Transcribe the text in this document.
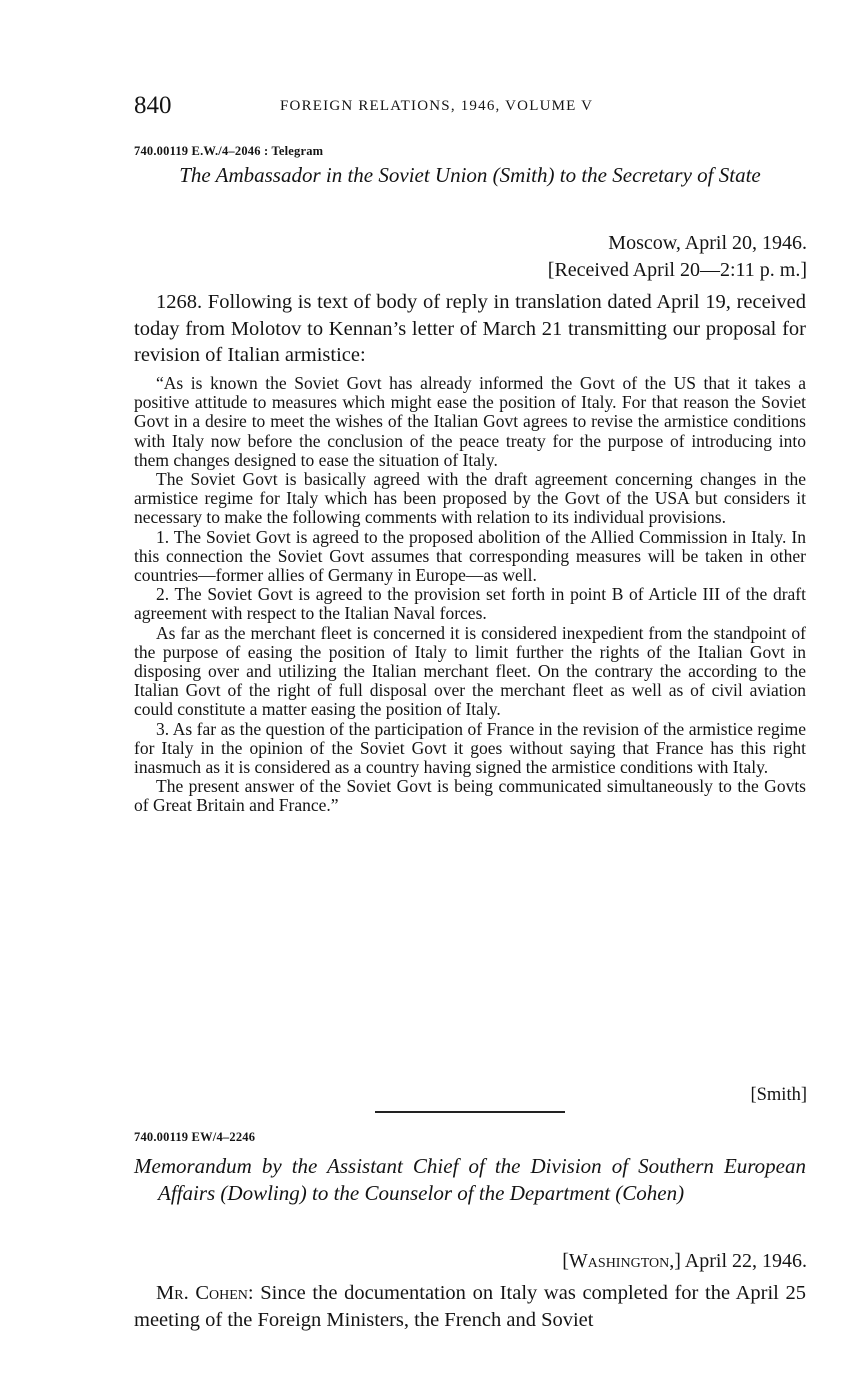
840	FOREIGN RELATIONS, 1946, VOLUME V
740.00119 E.W./4–2046 : Telegram
The Ambassador in the Soviet Union (Smith) to the Secretary of State
Moscow, April 20, 1946.
[Received April 20—2:11 p. m.]
1268. Following is text of body of reply in translation dated April 19, received today from Molotov to Kennan’s letter of March 21 transmitting our proposal for revision of Italian armistice:

“As is known the Soviet Govt has already informed the Govt of the US that it takes a positive attitude to measures which might ease the position of Italy. For that reason the Soviet Govt in a desire to meet the wishes of the Italian Govt agrees to revise the armistice conditions with Italy now before the conclusion of the peace treaty for the purpose of introducing into them changes designed to ease the situation of Italy.

The Soviet Govt is basically agreed with the draft agreement concerning changes in the armistice regime for Italy which has been proposed by the Govt of the USA but considers it necessary to make the following comments with relation to its individual provisions.

1. The Soviet Govt is agreed to the proposed abolition of the Allied Commission in Italy. In this connection the Soviet Govt assumes that corresponding measures will be taken in other countries—former allies of Germany in Europe—as well.

2. The Soviet Govt is agreed to the provision set forth in point B of Article III of the draft agreement with respect to the Italian Naval forces.

As far as the merchant fleet is concerned it is considered inexpedient from the standpoint of the purpose of easing the position of Italy to limit further the rights of the Italian Govt in disposing over and utilizing the Italian merchant fleet. On the contrary the according to the Italian Govt of the right of full disposal over the merchant fleet as well as of civil aviation could constitute a matter easing the position of Italy.

3. As far as the question of the participation of France in the revision of the armistice regime for Italy in the opinion of the Soviet Govt it goes without saying that France has this right inasmuch as it is considered as a country having signed the armistice conditions with Italy.

The present answer of the Soviet Govt is being communicated simultaneously to the Govts of Great Britain and France.”

[Smith]
740.00119 EW/4–2246
Memorandum by the Assistant Chief of the Division of Southern European Affairs (Dowling) to the Counselor of the Department (Cohen)
[Washington,] April 22, 1946.
Mr. Cohen: Since the documentation on Italy was completed for the April 25 meeting of the Foreign Ministers, the French and Soviet
